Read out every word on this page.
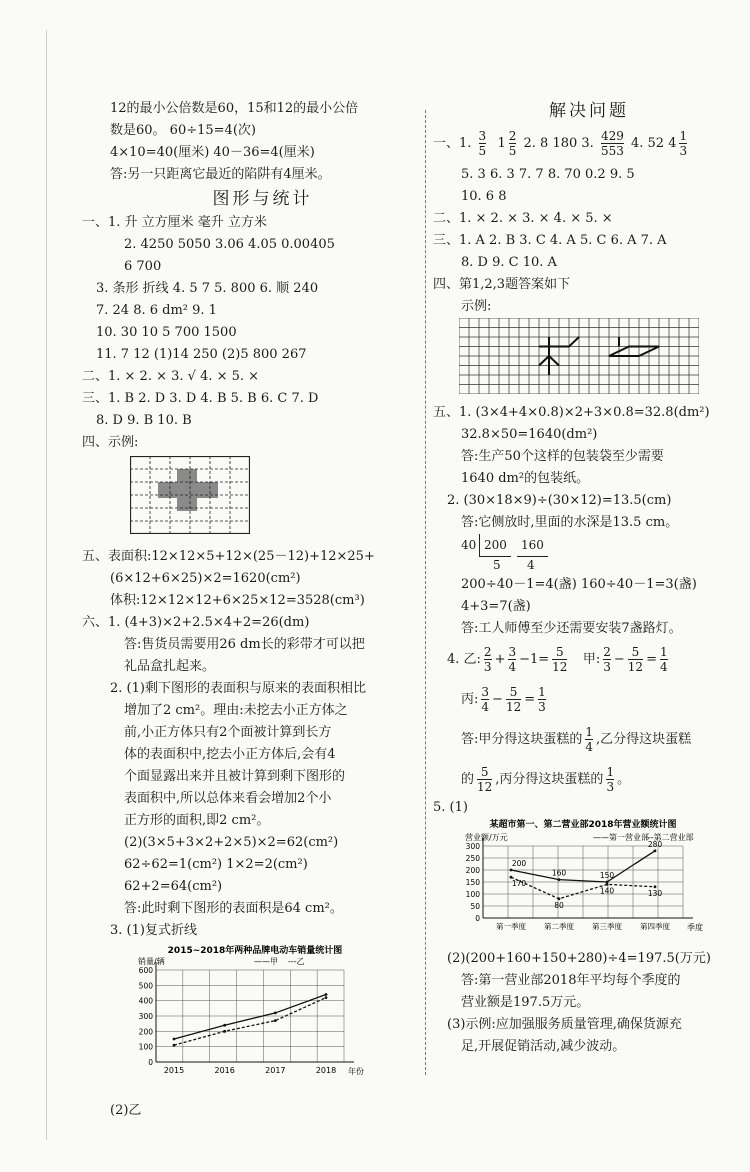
12的最小公倍数是60，15和12的最小公倍
数是60。 60÷15=4(次)
4×10=40(厘米) 40－36=4(厘米)
答:另一只距离它最近的陷阱有4厘米。
图形与统计
一、1. 升 立方厘米 毫升 立方米
2. 4250 5050 3.06 4.05 0.00405
6 700
3. 条形 折线 4. 5 7 5. 800 6. 顺 240
7. 24 8. 6 dm² 9. 1
10. 30 10 5 700 1500
11. 7 12 (1)14 250 (2)5 800 267
二、1. × 2. × 3. √ 4. × 5. ×
三、1. B 2. D 3. D 4. B 5. B 6. C 7. D
8. D 9. B 10. B
四、示例:
五、表面积:12×12×5+12×(25－12)+12×25+
(6×12+6×25)×2=1620(cm²)
体积:12×12×12+6×25×12=3528(cm³)
六、1. (4+3)×2+2.5×4+2=26(dm)
答:售货员需要用26 dm长的彩带才可以把
礼品盒扎起来。
2. (1)剩下图形的表面积与原来的表面积相比
增加了2 cm²。理由:未挖去小正方体之
前,小正方体只有2个面被计算到长方
体的表面积中,挖去小正方体后,会有4
个面显露出来并且被计算到剩下图形的
表面积中,所以总体来看会增加2个小
正方形的面积,即2 cm²。
(2)(3×5+3×2+2×5)×2=62(cm²)
62÷62=1(cm²) 1×2=2(cm²)
62+2=64(cm²)
答:此时剩下图形的表面积是64 cm²。
3. (1)复式折线
2015~2018年两种品牌电动车销量统计图
销量/辆
年份
——甲 ---乙
100
200
300
400
500
600
0
2015	2016	2017	2018
(2)乙
解决问题
一、1. $\frac{3}{5} 1 \frac{2}{5} 2$. 8 180 3. $\frac{429}{553} 4$. 52 $4 \frac{1}{3}$
5. 3 6. 3 7. 7 8. 70 0.2 9. 5
10. 6 8
二、1. × 2. × 3. × 4. × 5. ×
三、1. A 2. B 3. C 4. A 5. C 6. A 7. A
8. D 9. C 10. A
四、第1,2,3题答案如下
示例:
五、1. (3×4+4×0.8)×2+3×0.8=32.8(dm²)
32.8×50=1640(dm²)
答:生产50个这样的包装袋至少需要
1640 dm²的包装纸。
2. (30×18×9)÷(30×12)=13.5(cm)
答:它侧放时,里面的水深是13.5 cm。
40 200	160
5 4
200÷40－1=4(盏) 160÷40－1=3(盏)
4+3=7(盏)
答:工人师傅至少还需要安装7盏路灯。
4. 乙: $\frac{2}{3} + \frac{3}{4} -1= \frac{5}{12}$ 甲: $\frac{2}{3} - \frac{5}{12} = \frac{1}{4}$
丙: $\frac{3}{4} - \frac{5}{12} = \frac{1}{3}$
答:甲分得这块蛋糕的 $\frac{1}{4}$ ,乙分得这块蛋糕
的 $\frac{5}{12}$ ,丙分得这块蛋糕的 $\frac{1}{3}$ 。
5. (1)
某超市第一、第二营业部2018年营业额统计图
营业额/万元
季度
——第一营业部
---第二营业部
50
100
150
200
250
300
0
第一季度 第二季度 第三季度 第四季度
200
160	150
280
170
80
140	130
(2)(200+160+150+280)÷4=197.5(万元)
答:第一营业部2018年平均每个季度的
营业额是197.5万元。
(3)示例:应加强服务质量管理,确保货源充
足,开展促销活动,减少波动。
